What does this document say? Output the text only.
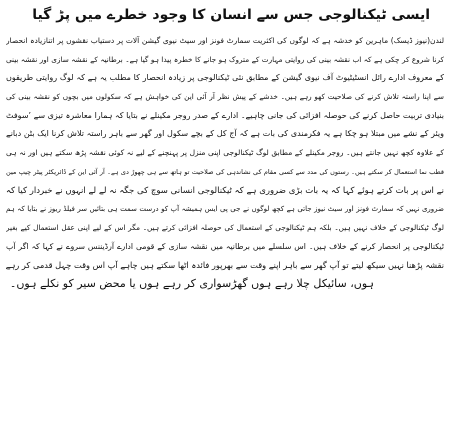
ایسی ٹیکنالوجی جس سے انسان کا وجود خطرے میں پڑ گیا
لندن(نیوز ڈیسک) ماہرین کو خدشہ ہے کہ لوگوں کی اکثریت سمارٹ فونز اور سیٹ نیوی گیشن آلات پر دستیاب نقشوں پر اتنازیادہ انحصار
کرنا شروع کر چکی ہے کہ اب نقشہ بینی کی روایتی مہارت کے متروک ہو جانے کا خطرہ پیدا ہو گیا ہے۔ برطانیہ کے نقشہ سازی اور نقشہ بینی
کے معروف ادارے رائل انسٹیٹیوٹ آف نیوی گیشن کے مطابق نئی ٹیکنالوجی پر زیادہ انحصار کا مطلب یہ ہے کہ لوگ روایتی طریقوں
سے اپنا راستہ تلاش کرنے کی صلاحیت کھو رہے ہیں۔ خدشے کے پیش نظر آر آئی این کی خواہش ہے کہ سکولوں میں بچوں کو نقشہ بینی کی
بنیادی تربیت حاصل کرنے کی حوصلہ افزائی کی جانی چاہیے۔ ادارے کے صدر روجر مکینلے نے بتایا کہ ہمارا معاشرہ تیزی سے ’سوفٹ
ویئر کے نشے میں مبتلا ہو چکا ہے یہ فکرمندی کی بات ہے کہ آج کل کے بچے سکول اور گھر سے باہر راستہ تلاش کرنا ایک بٹن دبانے
کے علاوہ کچھ نہیں جانتے ہیں۔ روجر مکینلے کے مطابق لوگ ٹیکنالوجی اپنی منزل پر پہنچنے کے لیے نہ کوئی نقشہ پڑھ سکتے ہیں اور نہ ہی
قطب نما استعمال کر سکتے ہیں۔ رستوں کی مدد سے کسی مقام کی نشاندہی کی صلاحیت تو ہاتھ سے ہی چھوڑ دی ہے۔ آر آئی این کے ڈائریکٹر پیٹر چیپ مین
نے اس پر بات کرتے ہوئے کہا کہ یہ بات بڑی ضروری ہے کہ ٹیکنالوجی انسانی سوچ کی جگہ نہ لے لے انہوں نے خبردار کیا کہ
ضروری نہیں کہ سمارٹ فونز اور سیٹ نیوز جاتی ہے کچھ لوگوں نے جی پی ایس ہمیشہ آپ کو درست سمت ہی بتائیں سر فیلڈ ریوز نے بتایا کہ ہم
لوگ ٹیکنالوجی کے خلاف نہیں ہیں۔ بلکہ ہم ٹیکنالوجی کے استعمال کی حوصلہ افزائی کرتے ہیں۔ مگر اس کے لیے اپنی عقل استعمال کیے بغیر
ٹیکنالوجی پر انحصار کرنے کے خلاف ہیں۔ اس سلسلے میں برطانیہ میں نقشہ سازی کے قومی ادارے آرڈیننس سروے نے کہا کہ اگر آپ
نقشہ پڑھنا نہیں سیکھ لیتے تو آپ گھر سے باہر اپنے وقت سے بھرپور فائدہ اٹھا سکتے ہیں چاہے آپ اس وقت چہل قدمی کر رہے
ہوں، سائیکل چلا رہے ہوں گھڑسواری کر رہے ہوں یا محض سیر کو نکلے ہوں۔
